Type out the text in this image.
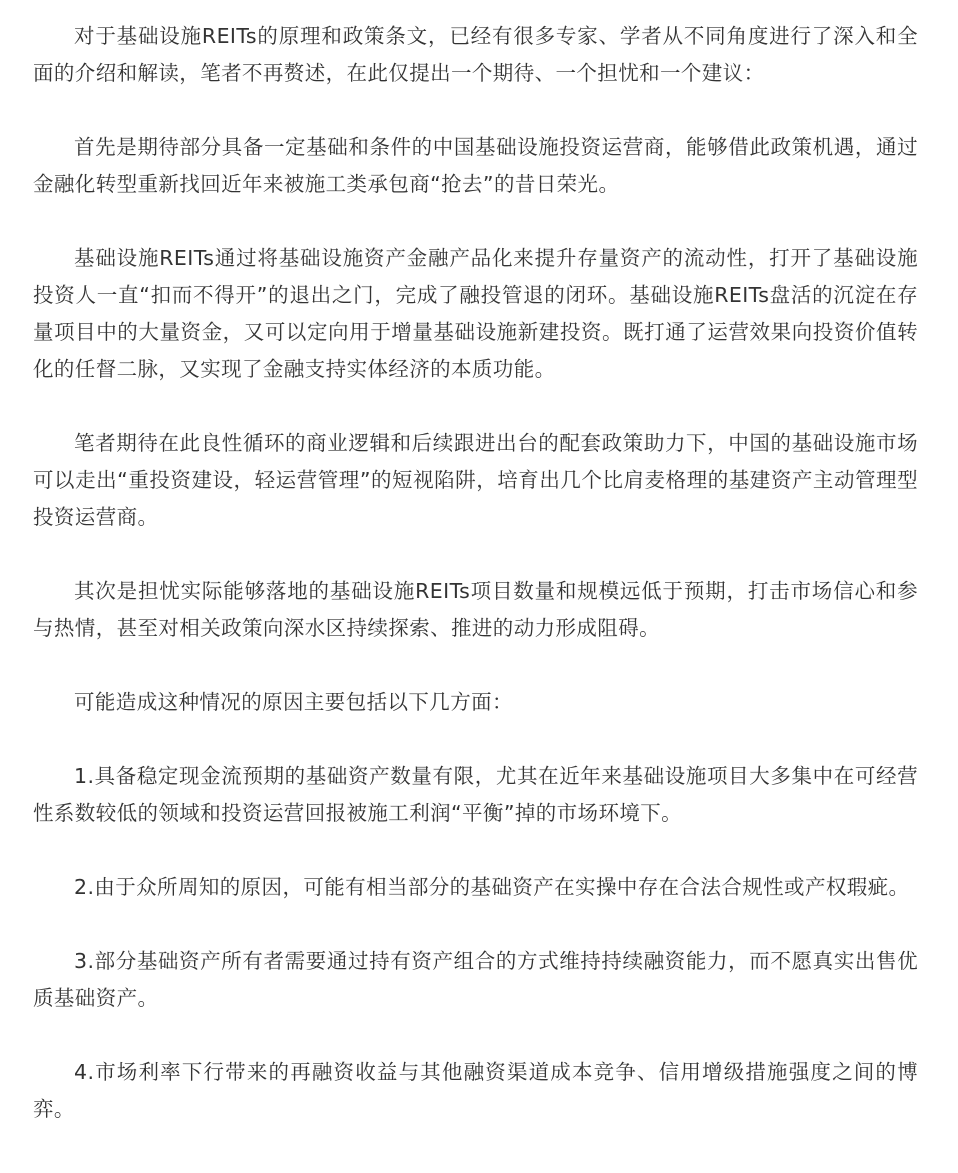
对于基础设施REITs的原理和政策条文，已经有很多专家、学者从不同角度进行了深入和全面的介绍和解读，笔者不再赘述，在此仅提出一个期待、一个担忧和一个建议：

首先是期待部分具备一定基础和条件的中国基础设施投资运营商，能够借此政策机遇，通过金融化转型重新找回近年来被施工类承包商“抢去”的昔日荣光。

基础设施REITs通过将基础设施资产金融产品化来提升存量资产的流动性，打开了基础设施投资人一直“扣而不得开”的退出之门，完成了融投管退的闭环。基础设施REITs盘活的沉淀在存量项目中的大量资金，又可以定向用于增量基础设施新建投资。既打通了运营效果向投资价值转化的任督二脉，又实现了金融支持实体经济的本质功能。

笔者期待在此良性循环的商业逻辑和后续跟进出台的配套政策助力下，中国的基础设施市场可以走出“重投资建设，轻运营管理”的短视陷阱，培育出几个比肩麦格理的基建资产主动管理型投资运营商。

其次是担忧实际能够落地的基础设施REITs项目数量和规模远低于预期，打击市场信心和参与热情，甚至对相关政策向深水区持续探索、推进的动力形成阻碍。

可能造成这种情况的原因主要包括以下几方面：

1.具备稳定现金流预期的基础资产数量有限，尤其在近年来基础设施项目大多集中在可经营性系数较低的领域和投资运营回报被施工利润“平衡”掉的市场环境下。

2.由于众所周知的原因，可能有相当部分的基础资产在实操中存在合法合规性或产权瑕疵。

3.部分基础资产所有者需要通过持有资产组合的方式维持持续融资能力，而不愿真实出售优质基础资产。

4.市场利率下行带来的再融资收益与其他融资渠道成本竞争、信用增级措施强度之间的博弈。
